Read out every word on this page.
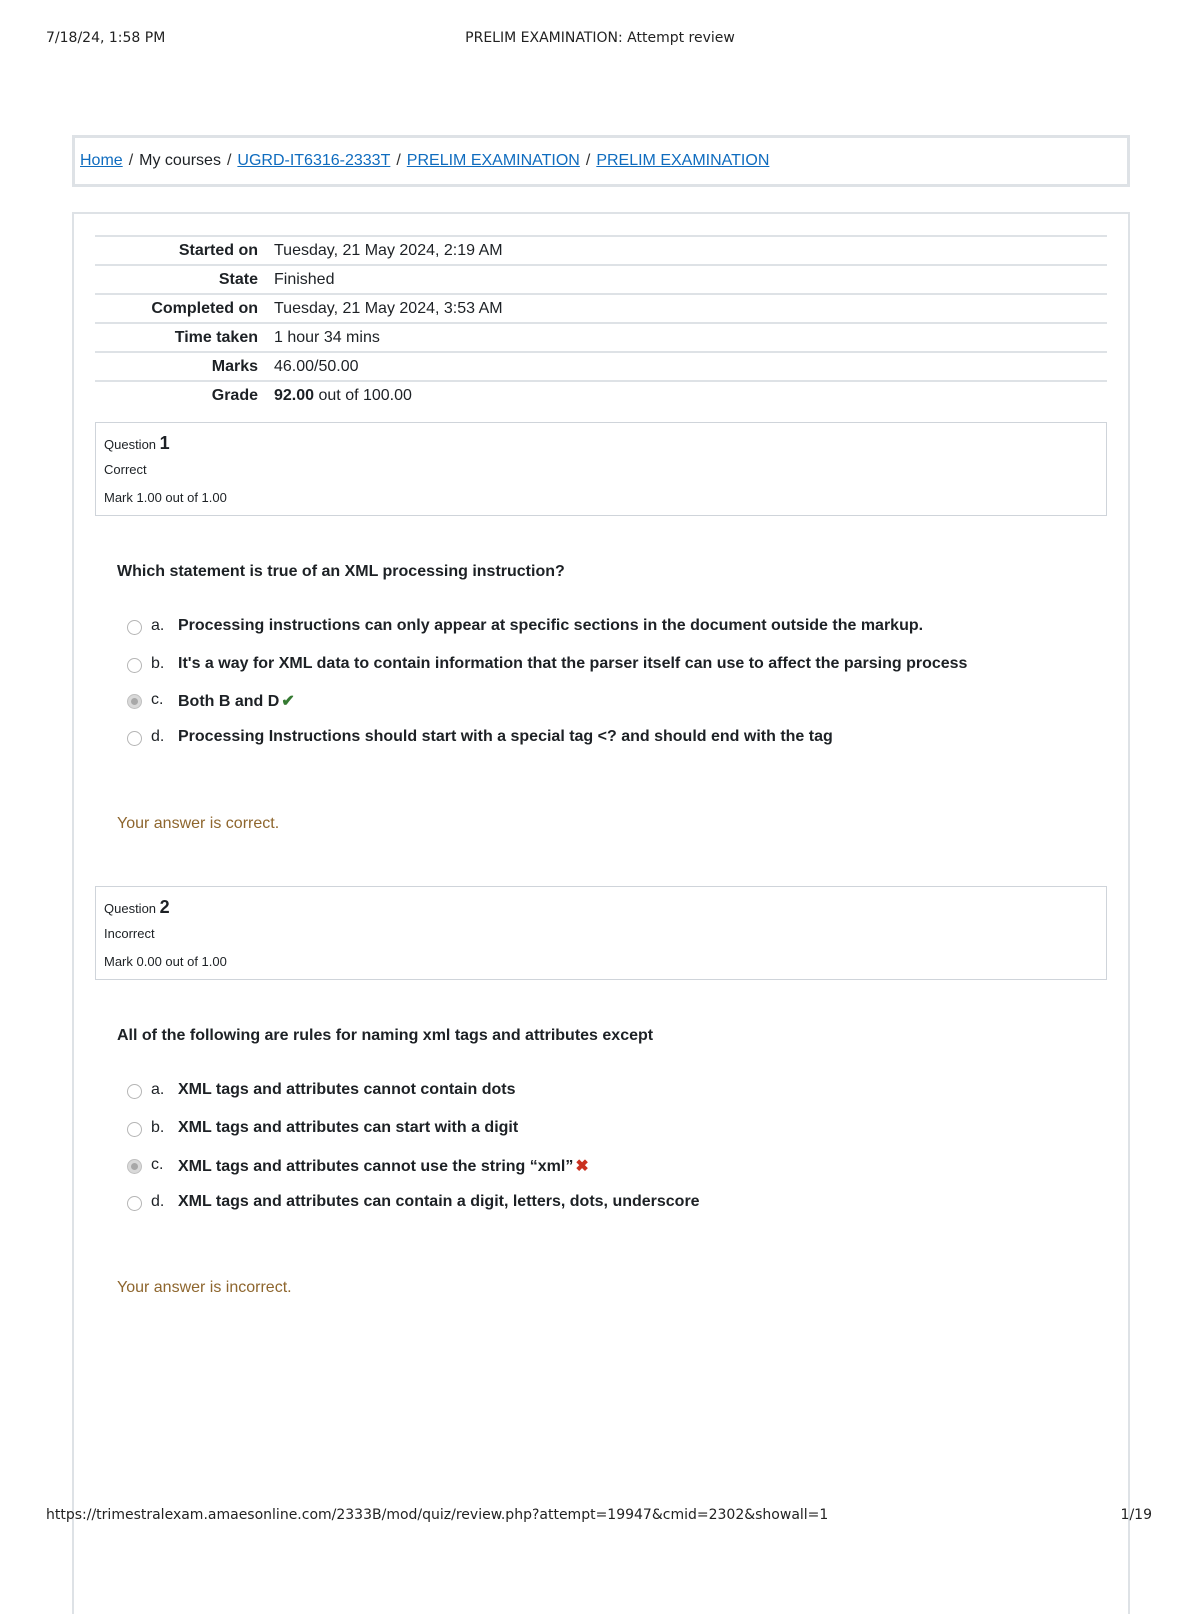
7/18/24, 1:58 PM	PRELIM EXAMINATION: Attempt review
Home / My courses / UGRD-IT6316-2333T / PRELIM EXAMINATION / PRELIM EXAMINATION
Started on	Tuesday, 21 May 2024, 2:19 AM
State	Finished
Completed on	Tuesday, 21 May 2024, 3:53 AM
Time taken	1 hour 34 mins
Marks	46.00/50.00
Grade	92.00 out of 100.00
Question 1
Correct
Mark 1.00 out of 1.00
Which statement is true of an XML processing instruction?
a. Processing instructions can only appear at specific sections in the document outside the markup.
b. It's a way for XML data to contain information that the parser itself can use to affect the parsing process
c. Both B and D ✔
d. Processing Instructions should start with a special tag <? and should end with the tag
Your answer is correct.
Question 2
Incorrect
Mark 0.00 out of 1.00
All of the following are rules for naming xml tags and attributes except
a. XML tags and attributes cannot contain dots
b. XML tags and attributes can start with a digit
c. XML tags and attributes cannot use the string “xml” ✖
d. XML tags and attributes can contain a digit, letters, dots, underscore
Your answer is incorrect.
https://trimestralexam.amaesonline.com/2333B/mod/quiz/review.php?attempt=19947&cmid=2302&showall=1	1/19
